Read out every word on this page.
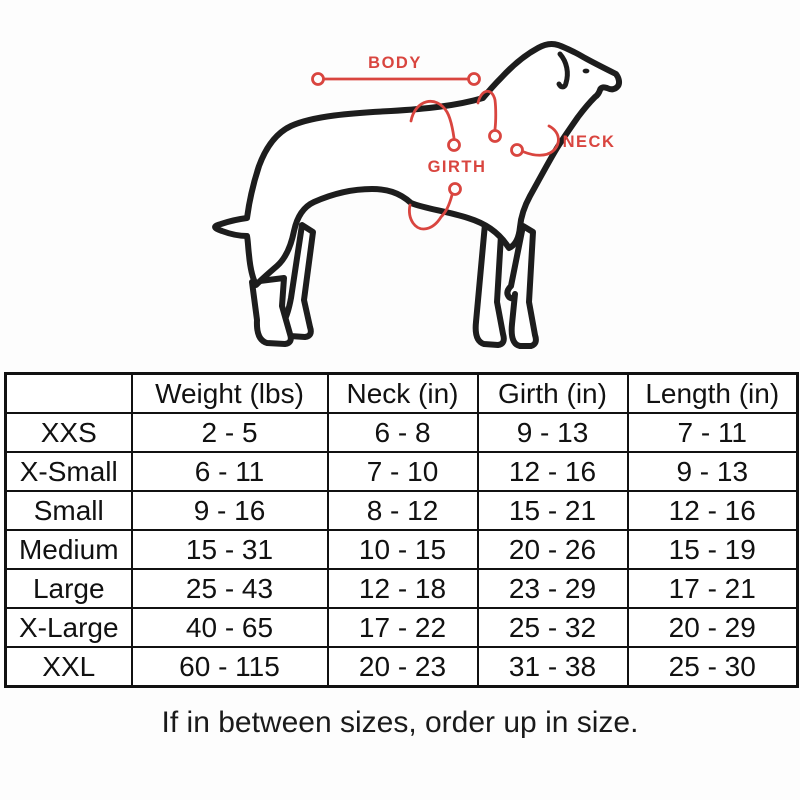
BODY
GIRTH
NECK
	Weight (lbs)	Neck (in)	Girth (in)	Length (in)
XXS	2 - 5	6 - 8	9 - 13	7 - 11
X-Small	6 - 11	7 - 10	12 - 16	9 - 13
Small	9 - 16	8 - 12	15 - 21	12 - 16
Medium	15 - 31	10 - 15	20 - 26	15 - 19
Large	25 - 43	12 - 18	23 - 29	17 - 21
X-Large	40 - 65	17 - 22	25 - 32	20 - 29
XXL	60 - 115	20 - 23	31 - 38	25 - 30
If in between sizes, order up in size.
